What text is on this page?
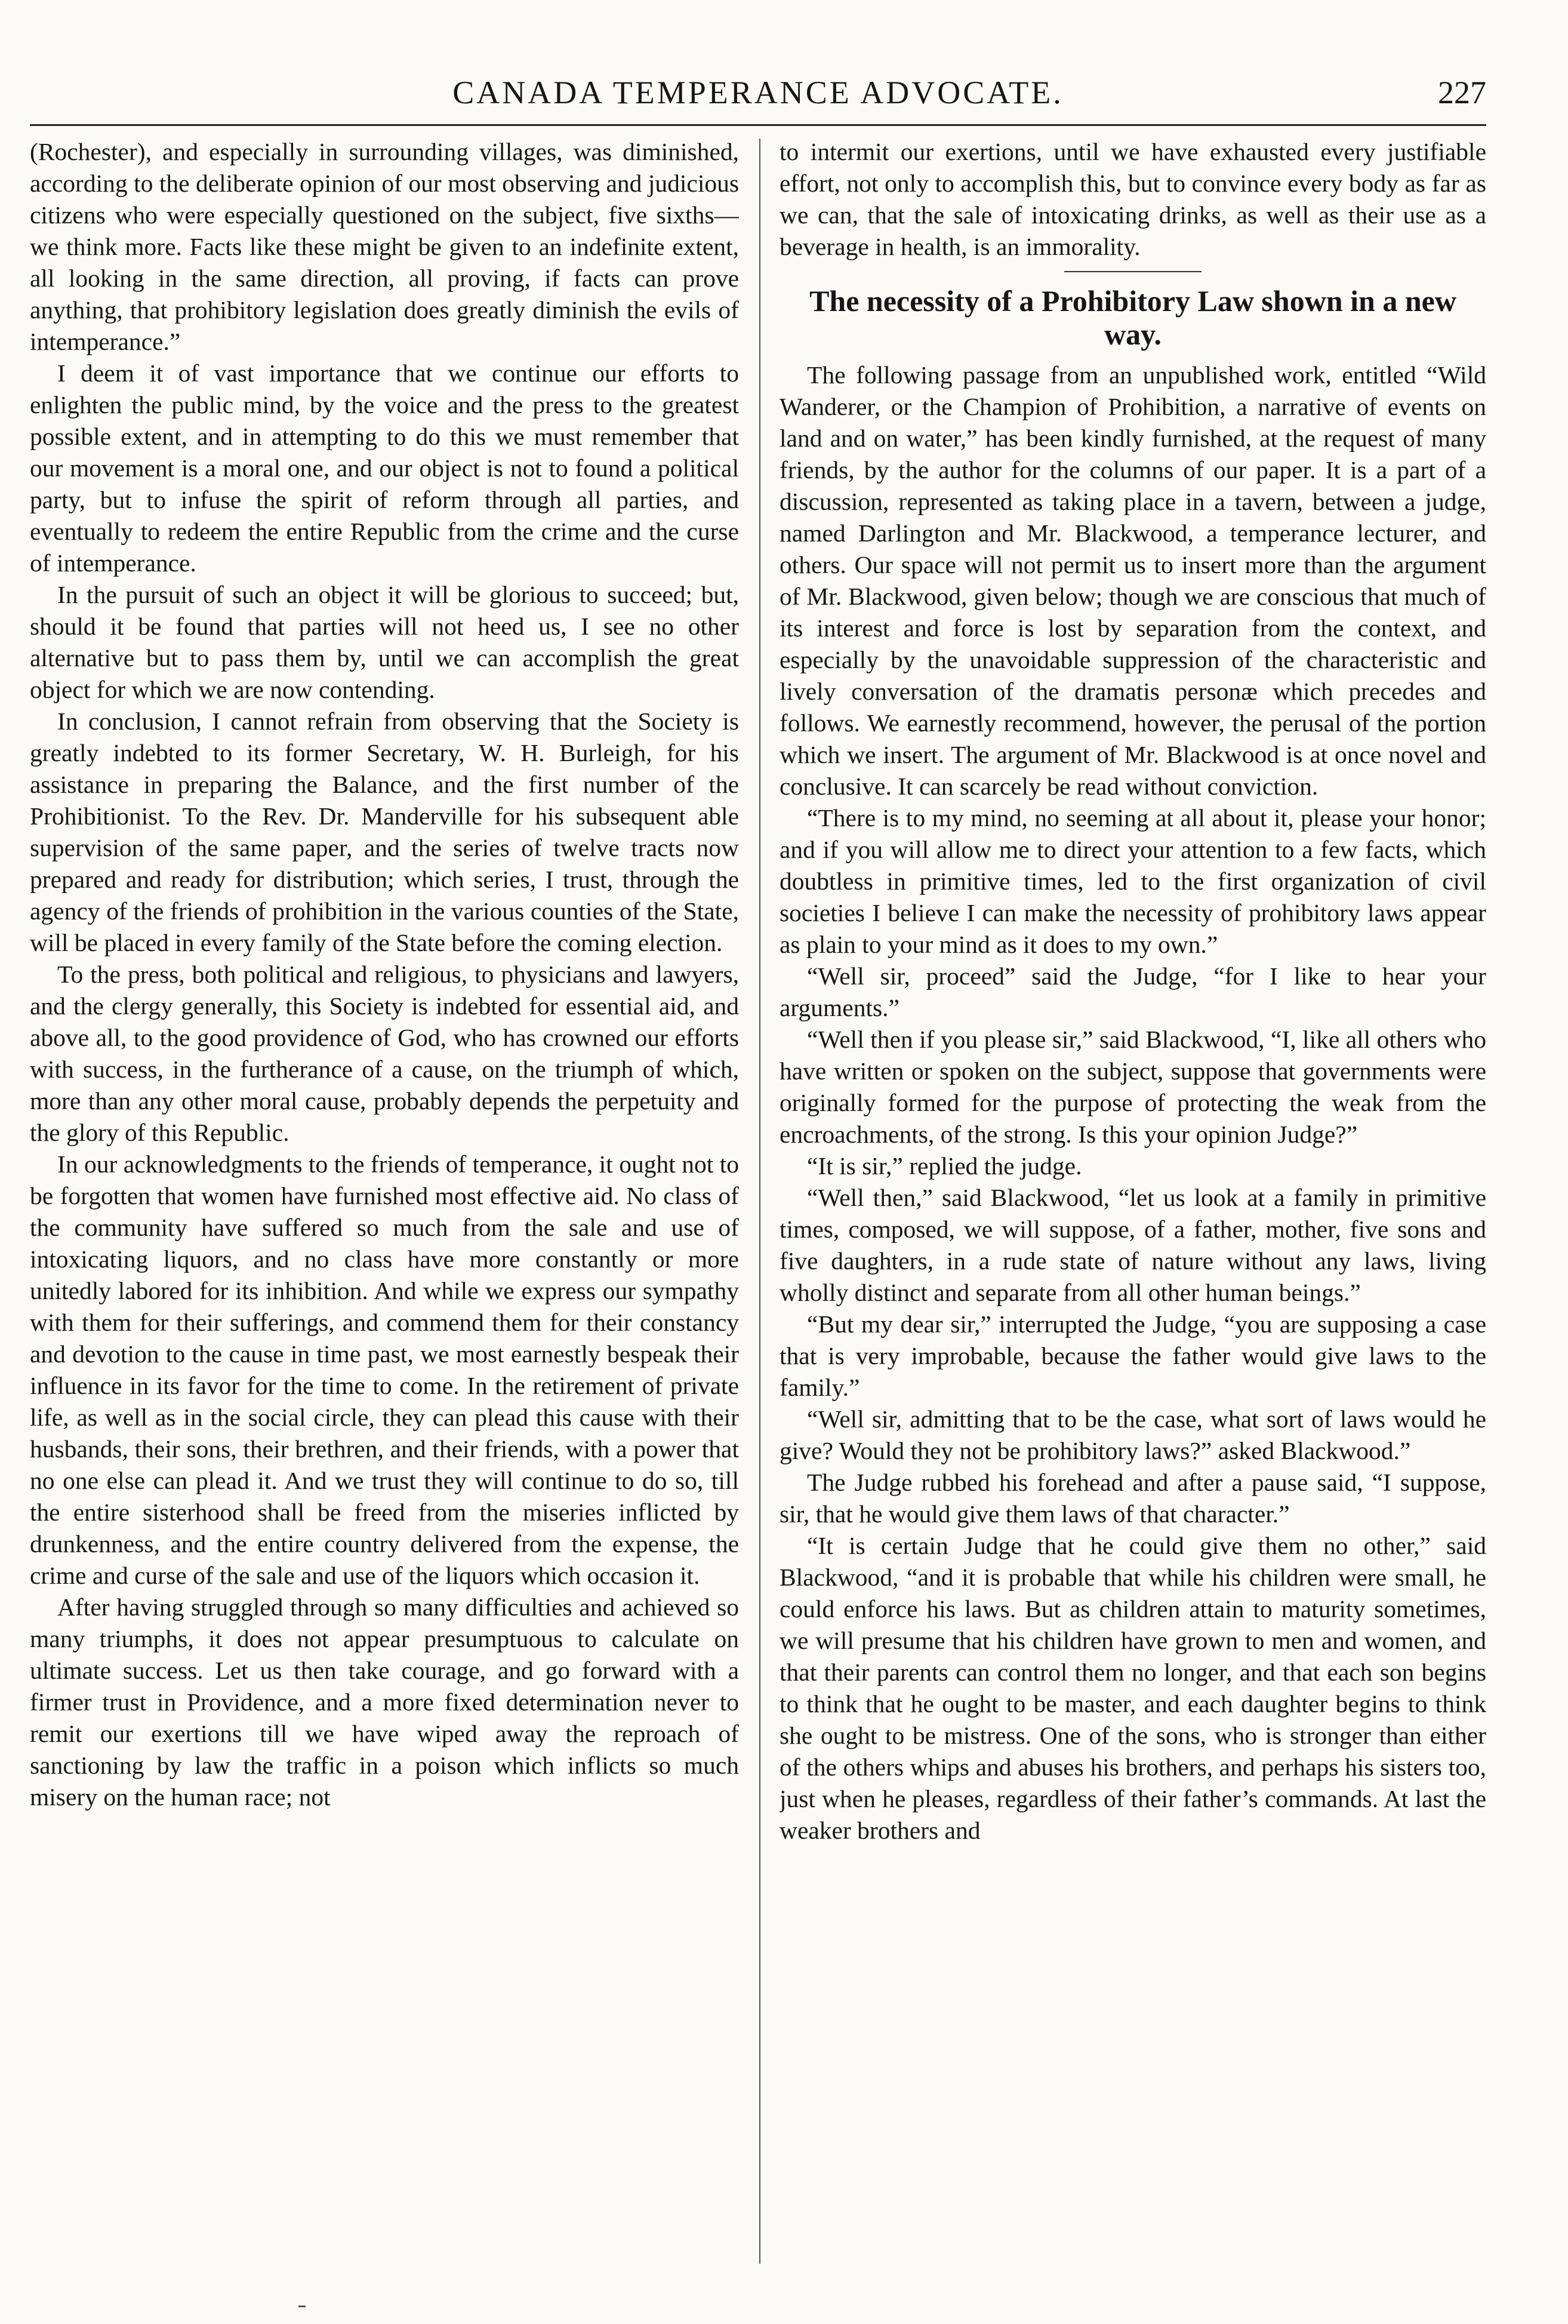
CANADA TEMPERANCE ADVOCATE.	227

(Rochester), and especially in surrounding villages, was diminished, according to the deliberate opinion of our most observing and judicious citizens who were especially questioned on the subject, five sixths—we think more. Facts like these might be given to an indefinite extent, all looking in the same direction, all proving, if facts can prove anything, that prohibitory legislation does greatly diminish the evils of intemperance.”

I deem it of vast importance that we continue our efforts to enlighten the public mind, by the voice and the press to the greatest possible extent, and in attempting to do this we must remember that our movement is a moral one, and our object is not to found a political party, but to infuse the spirit of reform through all parties, and eventually to redeem the entire Republic from the crime and the curse of intemperance.

In the pursuit of such an object it will be glorious to succeed; but, should it be found that parties will not heed us, I see no other alternative but to pass them by, until we can accomplish the great object for which we are now contending.

In conclusion, I cannot refrain from observing that the Society is greatly indebted to its former Secretary, W. H. Burleigh, for his assistance in preparing the Balance, and the first number of the Prohibitionist. To the Rev. Dr. Manderville for his subsequent able supervision of the same paper, and the series of twelve tracts now prepared and ready for distribution; which series, I trust, through the agency of the friends of prohibition in the various counties of the State, will be placed in every family of the State before the coming election.

To the press, both political and religious, to physicians and lawyers, and the clergy generally, this Society is indebted for essential aid, and above all, to the good providence of God, who has crowned our efforts with success, in the furtherance of a cause, on the triumph of which, more than any other moral cause, probably depends the perpetuity and the glory of this Republic.

In our acknowledgments to the friends of temperance, it ought not to be forgotten that women have furnished most effective aid. No class of the community have suffered so much from the sale and use of intoxicating liquors, and no class have more constantly or more unitedly labored for its inhibition. And while we express our sympathy with them for their sufferings, and commend them for their constancy and devotion to the cause in time past, we most earnestly bespeak their influence in its favor for the time to come. In the retirement of private life, as well as in the social circle, they can plead this cause with their husbands, their sons, their brethren, and their friends, with a power that no one else can plead it. And we trust they will continue to do so, till the entire sisterhood shall be freed from the miseries inflicted by drunkenness, and the entire country delivered from the expense, the crime and curse of the sale and use of the liquors which occasion it.

After having struggled through so many difficulties and achieved so many triumphs, it does not appear presumptuous to calculate on ultimate success. Let us then take courage, and go forward with a firmer trust in Providence, and a more fixed determination never to remit our exertions till we have wiped away the reproach of sanctioning by law the traffic in a poison which inflicts so much misery on the human race; not

to intermit our exertions, until we have exhausted every justifiable effort, not only to accomplish this, but to convince every body as far as we can, that the sale of intoxicating drinks, as well as their use as a beverage in health, is an immorality.

The necessity of a Prohibitory Law shown in a new way.

The following passage from an unpublished work, entitled “Wild Wanderer, or the Champion of Prohibition, a narrative of events on land and on water,” has been kindly furnished, at the request of many friends, by the author for the columns of our paper. It is a part of a discussion, represented as taking place in a tavern, between a judge, named Darlington and Mr. Blackwood, a temperance lecturer, and others. Our space will not permit us to insert more than the argument of Mr. Blackwood, given below; though we are conscious that much of its interest and force is lost by separation from the context, and especially by the unavoidable suppression of the characteristic and lively conversation of the dramatis personæ which precedes and follows. We earnestly recommend, however, the perusal of the portion which we insert. The argument of Mr. Blackwood is at once novel and conclusive. It can scarcely be read without conviction.

“There is to my mind, no seeming at all about it, please your honor; and if you will allow me to direct your attention to a few facts, which doubtless in primitive times, led to the first organization of civil societies I believe I can make the necessity of prohibitory laws appear as plain to your mind as it does to my own.”

“Well sir, proceed” said the Judge, “for I like to hear your arguments.”

“Well then if you please sir,” said Blackwood, “I, like all others who have written or spoken on the subject, suppose that governments were originally formed for the purpose of protecting the weak from the encroachments, of the strong. Is this your opinion Judge?”

“It is sir,” replied the judge.

“Well then,” said Blackwood, “let us look at a family in primitive times, composed, we will suppose, of a father, mother, five sons and five daughters, in a rude state of nature without any laws, living wholly distinct and separate from all other human beings.”

“But my dear sir,” interrupted the Judge, “you are supposing a case that is very improbable, because the father would give laws to the family.”

“Well sir, admitting that to be the case, what sort of laws would he give? Would they not be prohibitory laws?” asked Blackwood.”

The Judge rubbed his forehead and after a pause said, “I suppose, sir, that he would give them laws of that character.”

“It is certain Judge that he could give them no other,” said Blackwood, “and it is probable that while his children were small, he could enforce his laws. But as children attain to maturity sometimes, we will presume that his children have grown to men and women, and that their parents can control them no longer, and that each son begins to think that he ought to be master, and each daughter begins to think she ought to be mistress. One of the sons, who is stronger than either of the others whips and abuses his brothers, and perhaps his sisters too, just when he pleases, regardless of their father’s commands. At last the weaker brothers and
